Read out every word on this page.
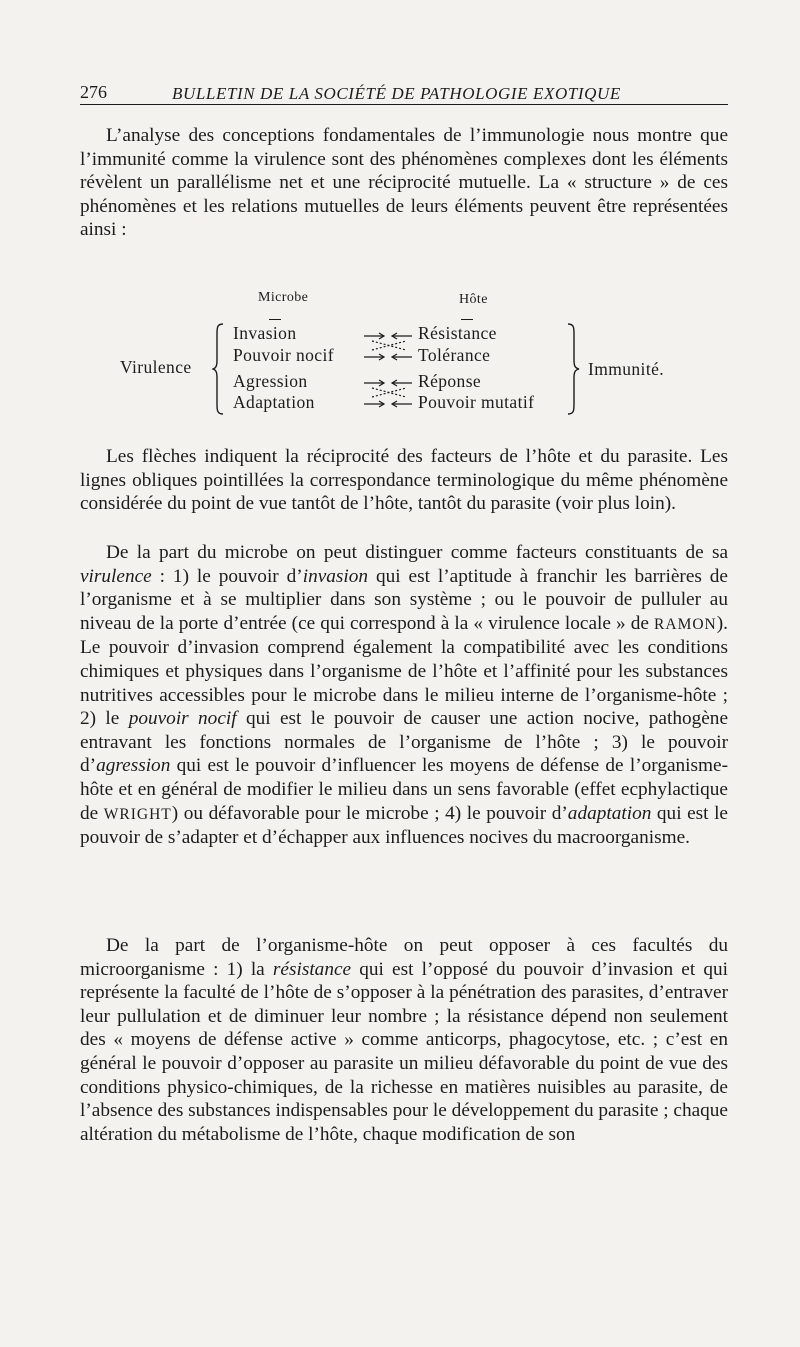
276	BULLETIN DE LA SOCIÉTÉ DE PATHOLOGIE EXOTIQUE

L’analyse des conceptions fondamentales de l’immunologie nous montre que l’immunité comme la virulence sont des phénomènes complexes dont les éléments révèlent un parallélisme net et une réciprocité mutuelle. La « structure » de ces phénomènes et les relations mutuelles de leurs éléments peuvent être représentées ainsi :

Microbe	Hôte
Virulence
Invasion
Pouvoir nocif
Agression
Adaptation
Résistance
Tolérance
Réponse
Pouvoir mutatif
Immunité.

Les flèches indiquent la réciprocité des facteurs de l’hôte et du parasite. Les lignes obliques pointillées la correspondance terminologique du même phénomène considérée du point de vue tantôt de l’hôte, tantôt du parasite (voir plus loin).

De la part du microbe on peut distinguer comme facteurs constituants de sa virulence : 1) le pouvoir d’invasion qui est l’aptitude à franchir les barrières de l’organisme et à se multiplier dans son système ; ou le pouvoir de pulluler au niveau de la porte d’entrée (ce qui correspond à la « virulence locale » de RAMON). Le pouvoir d’invasion comprend également la compatibilité avec les conditions chimiques et physiques dans l’organisme de l’hôte et l’affinité pour les substances nutritives accessibles pour le microbe dans le milieu interne de l’organisme-hôte ; 2) le pouvoir nocif qui est le pouvoir de causer une action nocive, pathogène entravant les fonctions normales de l’organisme de l’hôte ; 3) le pouvoir d’agression qui est le pouvoir d’influencer les moyens de défense de l’organisme-hôte et en général de modifier le milieu dans un sens favorable (effet ecphylactique de WRIGHT) ou défavorable pour le microbe ; 4) le pouvoir d’adaptation qui est le pouvoir de s’adapter et d’échapper aux influences nocives du macroorganisme.

De la part de l’organisme-hôte on peut opposer à ces facultés du microorganisme : 1) la résistance qui est l’opposé du pouvoir d’invasion et qui représente la faculté de l’hôte de s’opposer à la pénétration des parasites, d’entraver leur pullulation et de diminuer leur nombre ; la résistance dépend non seulement des « moyens de défense active » comme anticorps, phagocytose, etc. ; c’est en général le pouvoir d’opposer au parasite un milieu défavorable du point de vue des conditions physico-chimiques, de la richesse en matières nuisibles au parasite, de l’absence des substances indispensables pour le développement du parasite ; chaque altération du métabolisme de l’hôte, chaque modification de son
